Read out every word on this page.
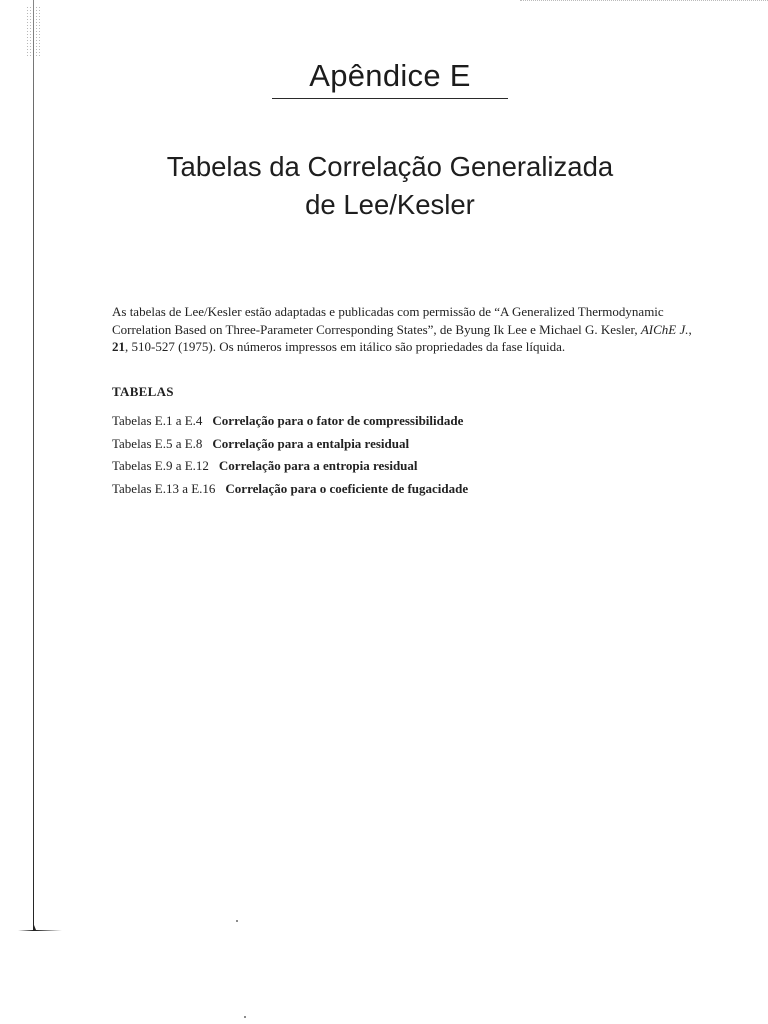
Apêndice E
Tabelas da Correlação Generalizada
de Lee/Kesler

As tabelas de Lee/Kesler estão adaptadas e publicadas com permissão de “A Generalized Thermodynamic Correlation Based on Three-Parameter Corresponding States”, de Byung Ik Lee e Michael G. Kesler, AIChE J., 21, 510-527 (1975). Os números impressos em itálico são propriedades da fase líquida.

TABELAS
Tabelas E.1 a E.4 Correlação para o fator de compressibilidade
Tabelas E.5 a E.8 Correlação para a entalpia residual
Tabelas E.9 a E.12 Correlação para a entropia residual
Tabelas E.13 a E.16 Correlação para o coeficiente de fugacidade
